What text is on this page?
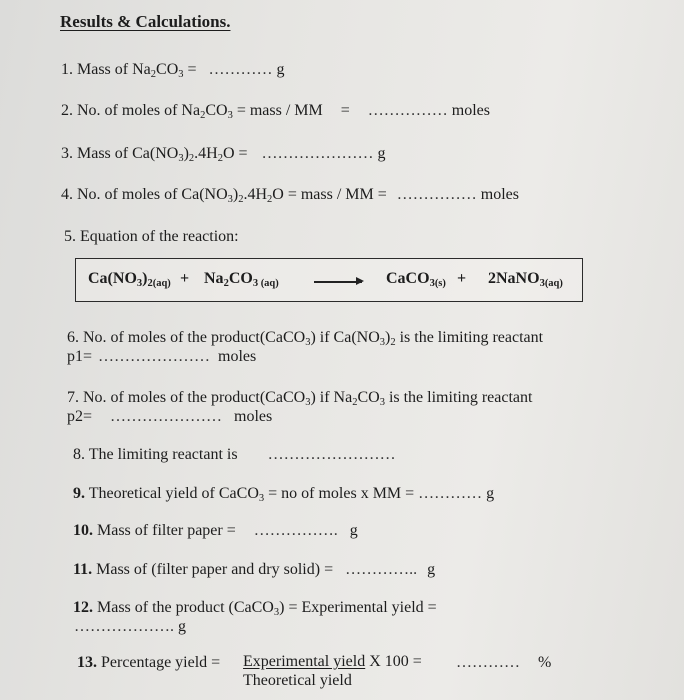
Results & Calculations.
1. Mass of $Na_2CO_3$ = ………… g
2. No. of moles of $Na_2CO_3$ = mass / MM = …………… moles
3. Mass of $Ca(NO_3)_2.4H_2O$ = ………………… g
4. No. of moles of $Ca(NO_3)_2.4H_2O$ = mass / MM = …………… moles
5. Equation of the reaction:
$Ca(NO_3)_{2(aq)} + Na_2CO_3$ $_{(aq)}$ → CaCO$_{3(s)}$ + 2NaNO$_{3(aq)}$
6. No. of moles of the product(CaCO$_3$) if $Ca(NO_3)_2$ is the limiting reactant
p1= ………………… moles
7. No. of moles of the product(CaCO$_3$) if $Na_2CO_3$ is the limiting reactant
p2= ………………… moles
8. The limiting reactant is ……………………
9. Theoretical yield of CaCO$_3$ = no of moles x MM = ………… g
10. Mass of filter paper = ……………. g
11. Mass of (filter paper and dry solid) = ………….. g
12. Mass of the product (CaCO$_3$) = Experimental yield =
………………. g
13. Percentage yield = Experimental yield X 100 =
Theoretical yield
………… %
